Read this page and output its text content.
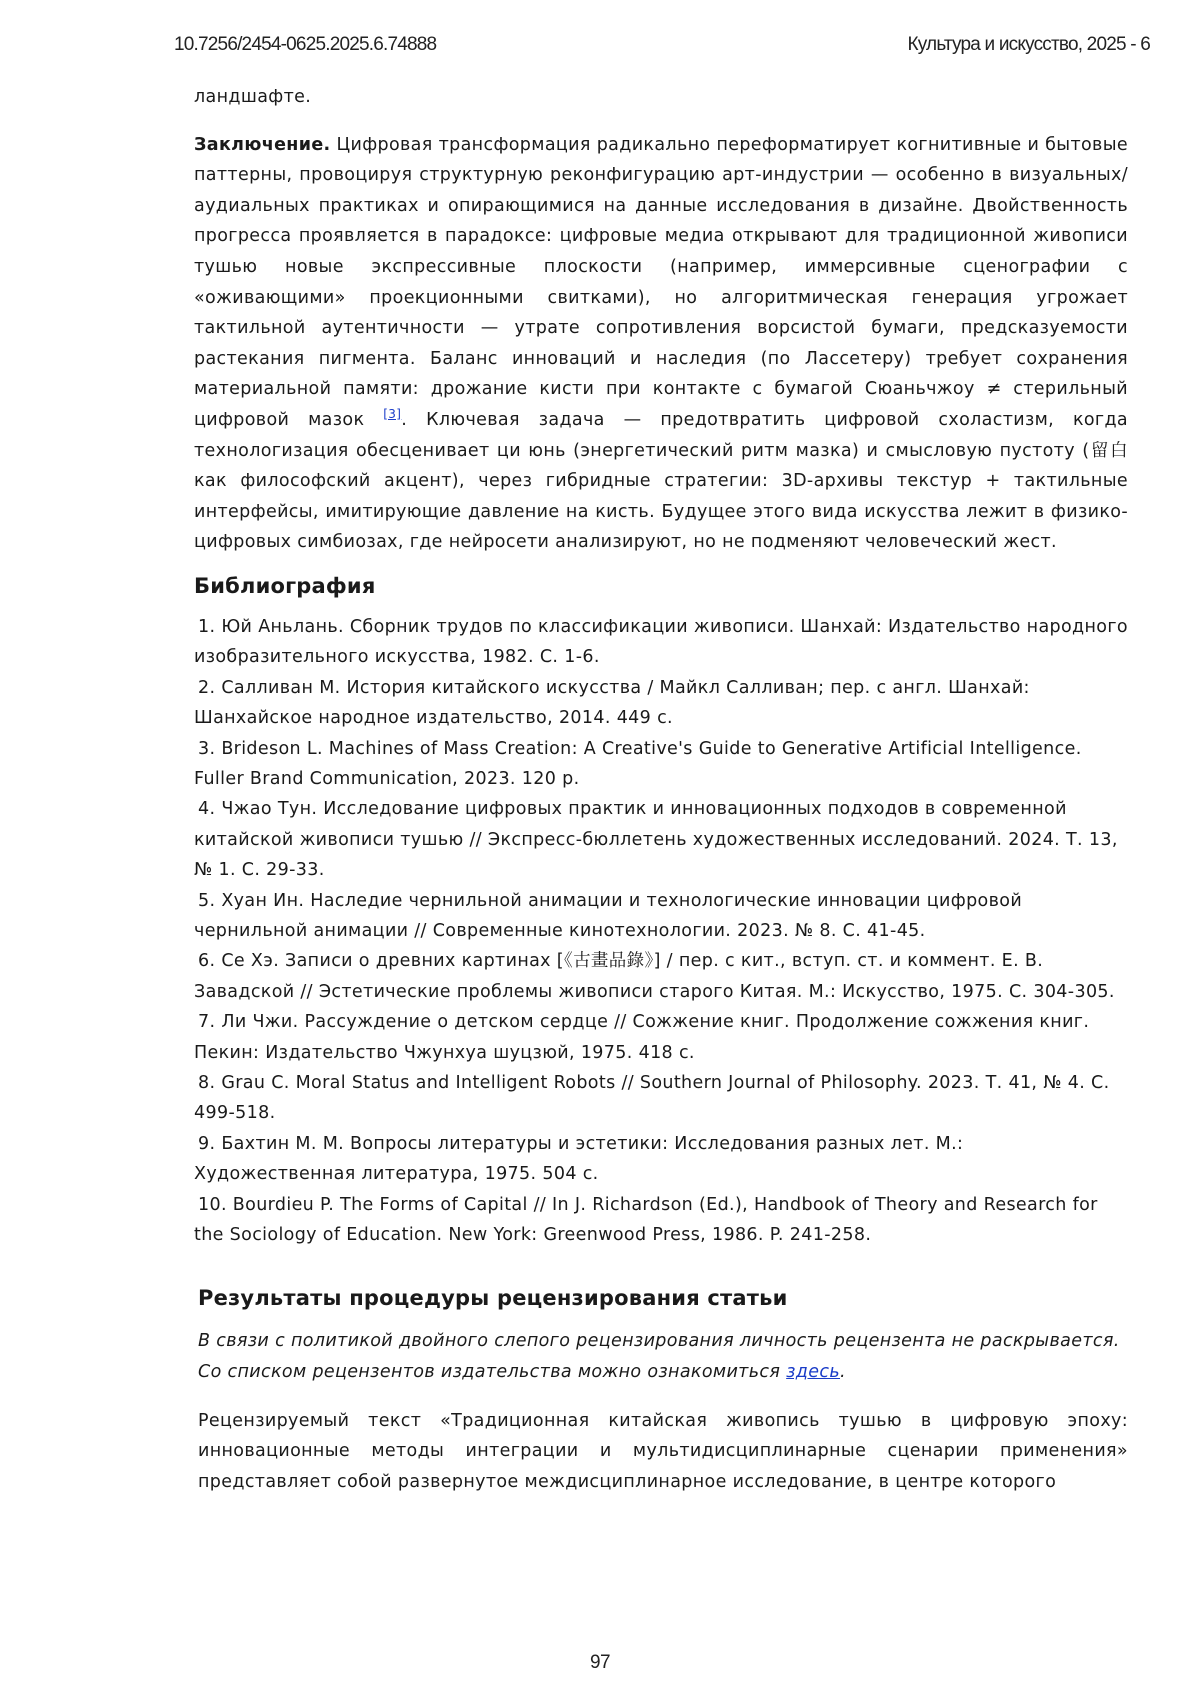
10.7256/2454-0625.2025.6.74888	Культура и искусство, 2025 - 6

ландшафте.

Заключение. Цифровая трансформация радикально переформатирует когнитивные и бытовые паттерны, провоцируя структурную реконфигурацию арт-индустрии — особенно в визуальных/аудиальных практиках и опирающимися на данные исследования в дизайне. Двойственность прогресса проявляется в парадоксе: цифровые медиа открывают для традиционной живописи тушью новые экспрессивные плоскости (например, иммерсивные сценографии с «оживающими» проекционными свитками), но алгоритмическая генерация угрожает тактильной аутентичности — утрате сопротивления ворсистой бумаги, предсказуемости растекания пигмента. Баланс инноваций и наследия (по Лассетеру) требует сохранения материальной памяти: дрожание кисти при контакте с бумагой Сюаньчжоу ≠ стерильный цифровой мазок [3]. Ключевая задача — предотвратить цифровой схоластизм, когда технологизация обесценивает ци юнь (энергетический ритм мазка) и смысловую пустоту (留白 как философский акцент), через гибридные стратегии: 3D-архивы текстур + тактильные интерфейсы, имитирующие давление на кисть. Будущее этого вида искусства лежит в физико-цифровых симбиозах, где нейросети анализируют, но не подменяют человеческий жест.

Библиография
1. Юй Аньлань. Сборник трудов по классификации живописи. Шанхай: Издательство народного изобразительного искусства, 1982. С. 1-6.
2. Салливан М. История китайского искусства / Майкл Салливан; пер. с англ. Шанхай: Шанхайское народное издательство, 2014. 449 с.
3. Brideson L. Machines of Mass Creation: A Creative's Guide to Generative Artificial Intelligence. Fuller Brand Communication, 2023. 120 p.
4. Чжао Тун. Исследование цифровых практик и инновационных подходов в современной китайской живописи тушью // Экспресс-бюллетень художественных исследований. 2024. Т. 13, № 1. С. 29-33.
5. Хуан Ин. Наследие чернильной анимации и технологические инновации цифровой чернильной анимации // Современные кинотехнологии. 2023. № 8. С. 41-45.
6. Се Хэ. Записи о древних картинах [《古畫品錄》] / пер. с кит., вступ. ст. и коммент. Е. В. Завадской // Эстетические проблемы живописи старого Китая. М.: Искусство, 1975. С. 304-305.
7. Ли Чжи. Рассуждение о детском сердце // Сожжение книг. Продолжение сожжения книг. Пекин: Издательство Чжунхуа шуцзюй, 1975. 418 с.
8. Grau C. Moral Status and Intelligent Robots // Southern Journal of Philosophy. 2023. Т. 41, № 4. С. 499-518.
9. Бахтин М. М. Вопросы литературы и эстетики: Исследования разных лет. М.: Художественная литература, 1975. 504 с.
10. Bourdieu P. The Forms of Capital // In J. Richardson (Ed.), Handbook of Theory and Research for the Sociology of Education. New York: Greenwood Press, 1986. P. 241-258.
Результаты процедуры рецензирования статьи

В связи с политикой двойного слепого рецензирования личность рецензента не раскрывается.

Со списком рецензентов издательства можно ознакомиться здесь.

Рецензируемый текст «Традиционная китайская живопись тушью в цифровую эпоху: инновационные методы интеграции и мультидисциплинарные сценарии применения» представляет собой развернутое междисциплинарное исследование, в центре которого

97
